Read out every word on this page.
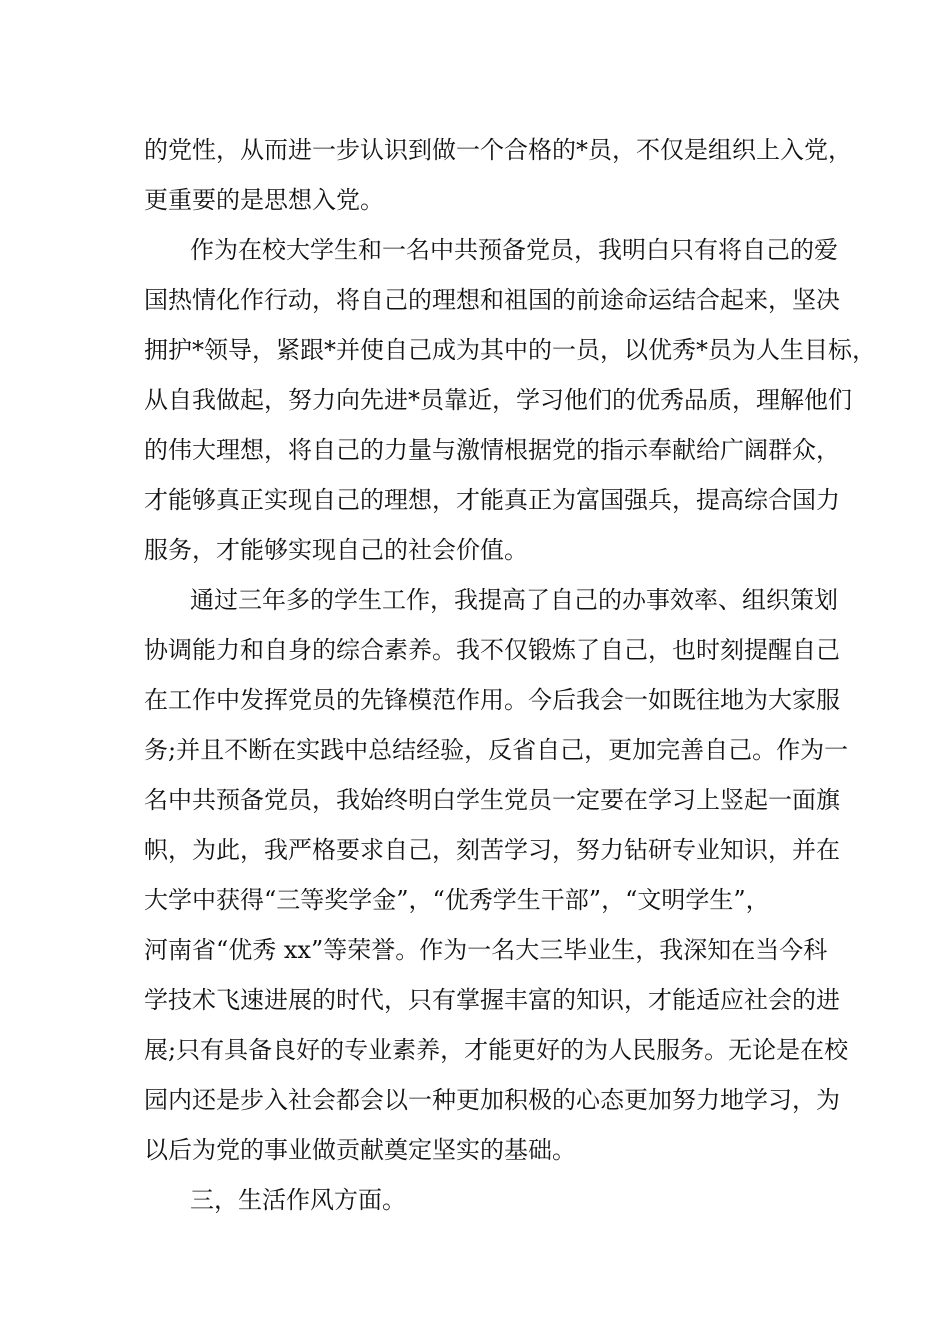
的党性，从而进一步认识到做一个合格的*员，不仅是组织上入党，

更重要的是思想入党。

作为在校大学生和一名中共预备党员，我明白只有将自己的爱

国热情化作行动，将自己的理想和祖国的前途命运结合起来，坚决

拥护*领导，紧跟*并使自己成为其中的一员，以优秀*员为人生目标，

从自我做起，努力向先进*员靠近，学习他们的优秀品质，理解他们

的伟大理想，将自己的力量与激情根据党的指示奉献给广阔群众，

才能够真正实现自己的理想，才能真正为富国强兵，提高综合国力

服务，才能够实现自己的社会价值。

通过三年多的学生工作，我提高了自己的办事效率、组织策划

协调能力和自身的综合素养。我不仅锻炼了自己，也时刻提醒自己

在工作中发挥党员的先锋模范作用。今后我会一如既往地为大家服

务;并且不断在实践中总结经验，反省自己，更加完善自己。作为一

名中共预备党员，我始终明白学生党员一定要在学习上竖起一面旗

帜，为此，我严格要求自己，刻苦学习，努力钻研专业知识，并在

大学中获得“三等奖学金”，“优秀学生干部”，“文明学生”，

河南省“优秀 xx”等荣誉。作为一名大三毕业生，我深知在当今科

学技术飞速进展的时代，只有掌握丰富的知识，才能适应社会的进

展;只有具备良好的专业素养，才能更好的为人民服务。无论是在校

园内还是步入社会都会以一种更加积极的心态更加努力地学习，为

以后为党的事业做贡献奠定坚实的基础。

三，生活作风方面。
